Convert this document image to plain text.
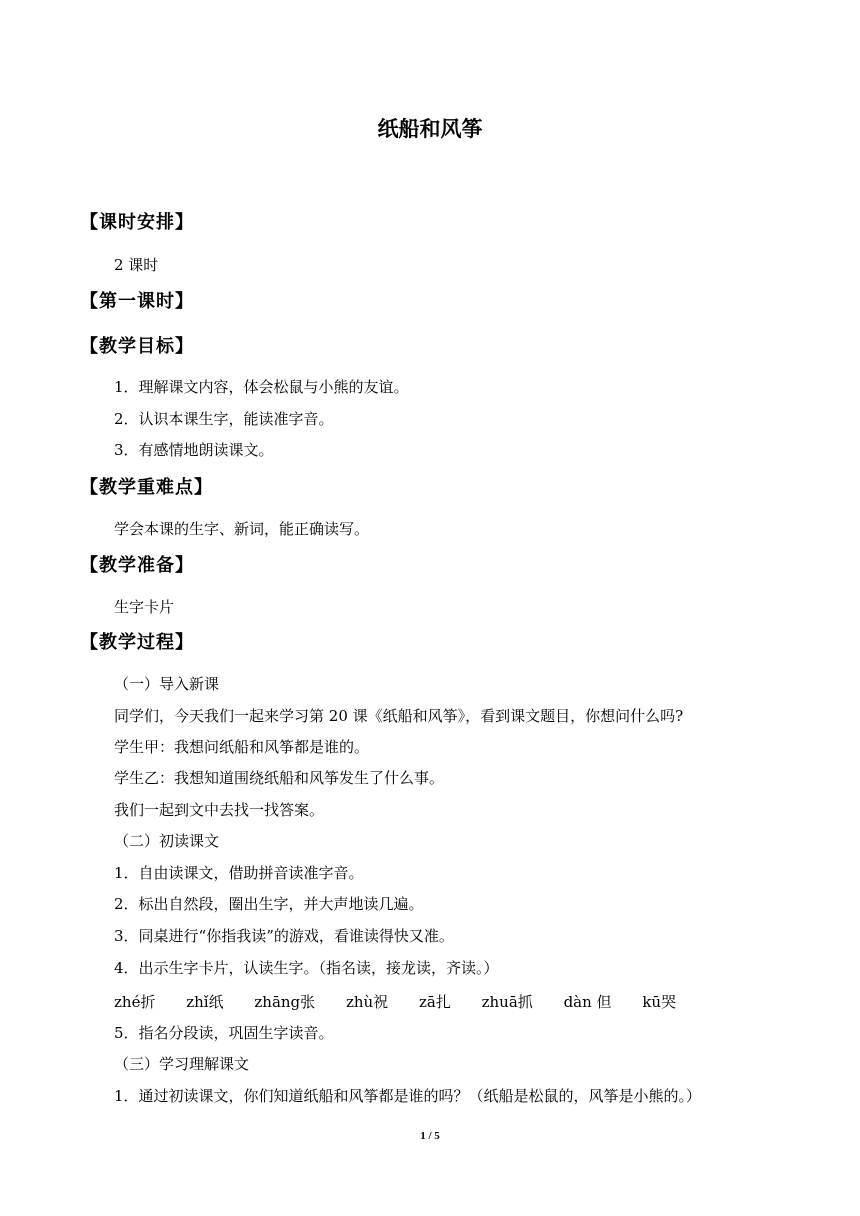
纸船和风筝
【课时安排】
2 课时
【第一课时】
【教学目标】
1．理解课文内容，体会松鼠与小熊的友谊。
2．认识本课生字，能读准字音。
3．有感情地朗读课文。
【教学重难点】
学会本课的生字、新词，能正确读写。
【教学准备】
生字卡片
【教学过程】
（一）导入新课
同学们，今天我们一起来学习第 20 课《纸船和风筝》，看到课文题目，你想问什么吗?
学生甲：我想问纸船和风筝都是谁的。
学生乙：我想知道围绕纸船和风筝发生了什么事。
我们一起到文中去找一找答案。
（二）初读课文
1．自由读课文，借助拼音读准字音。
2．标出自然段，圈出生字，并大声地读几遍。
3．同桌进行“你指我读”的游戏，看谁读得快又准。
4．出示生字卡片，认读生字。（指名读，接龙读，齐读。）
zhé折 zhǐ纸 zhāng张 zhù祝 zā扎 zhuā抓 dàn 但 kū哭
5．指名分段读，巩固生字读音。
（三）学习理解课文
1．通过初读课文，你们知道纸船和风筝都是谁的吗？（纸船是松鼠的，风筝是小熊的。）
1 / 5
